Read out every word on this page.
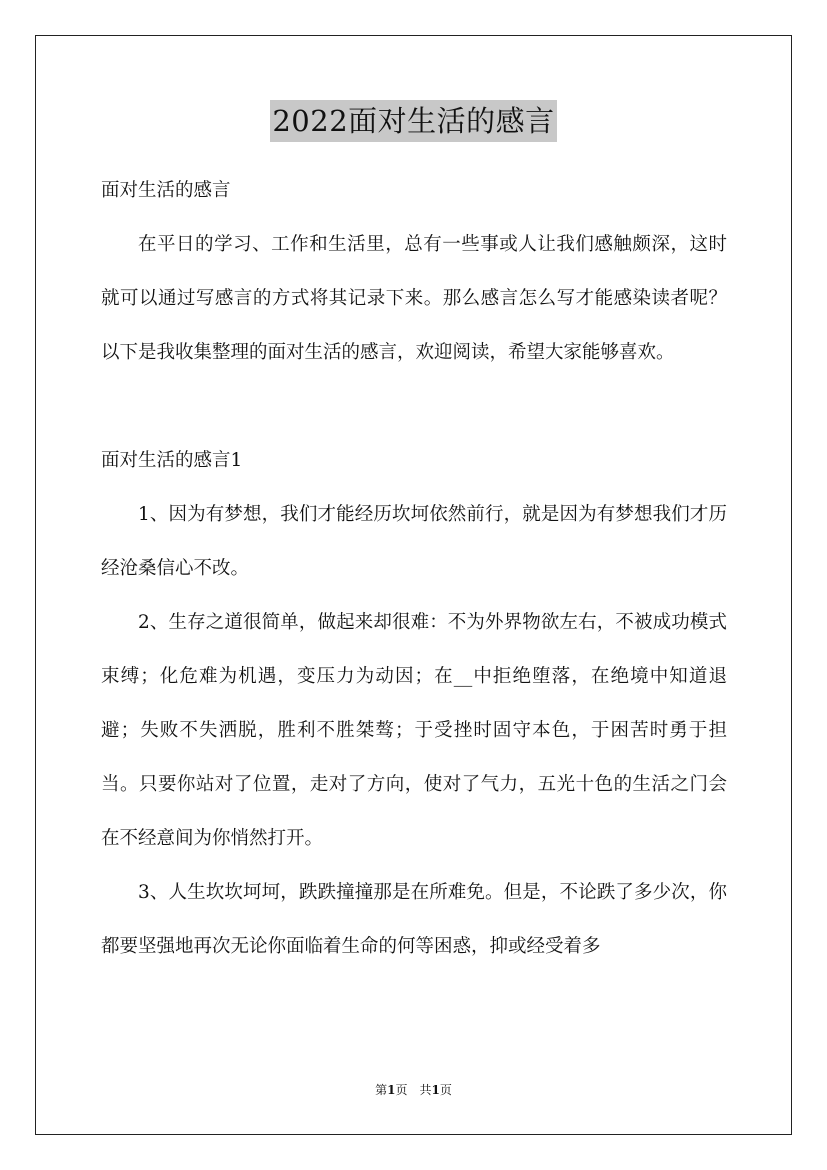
2022面对生活的感言

面对生活的感言

在平日的学习、工作和生活里，总有一些事或人让我们感触颇深，这时就可以通过写感言的方式将其记录下来。那么感言怎么写才能感染读者呢？以下是我收集整理的面对生活的感言，欢迎阅读，希望大家能够喜欢。

面对生活的感言1

1、因为有梦想，我们才能经历坎坷依然前行，就是因为有梦想我们才历经沧桑信心不改。

2、生存之道很简单，做起来却很难：不为外界物欲左右，不被成功模式束缚；化危难为机遇，变压力为动因；在__中拒绝堕落，在绝境中知道退避；失败不失洒脱，胜利不胜桀骜；于受挫时固守本色，于困苦时勇于担当。只要你站对了位置，走对了方向，使对了气力，五光十色的生活之门会在不经意间为你悄然打开。

3、人生坎坎坷坷，跌跌撞撞那是在所难免。但是，不论跌了多少次，你都要坚强地再次无论你面临着生命的何等困惑，抑或经受着多

第1页　共1页
